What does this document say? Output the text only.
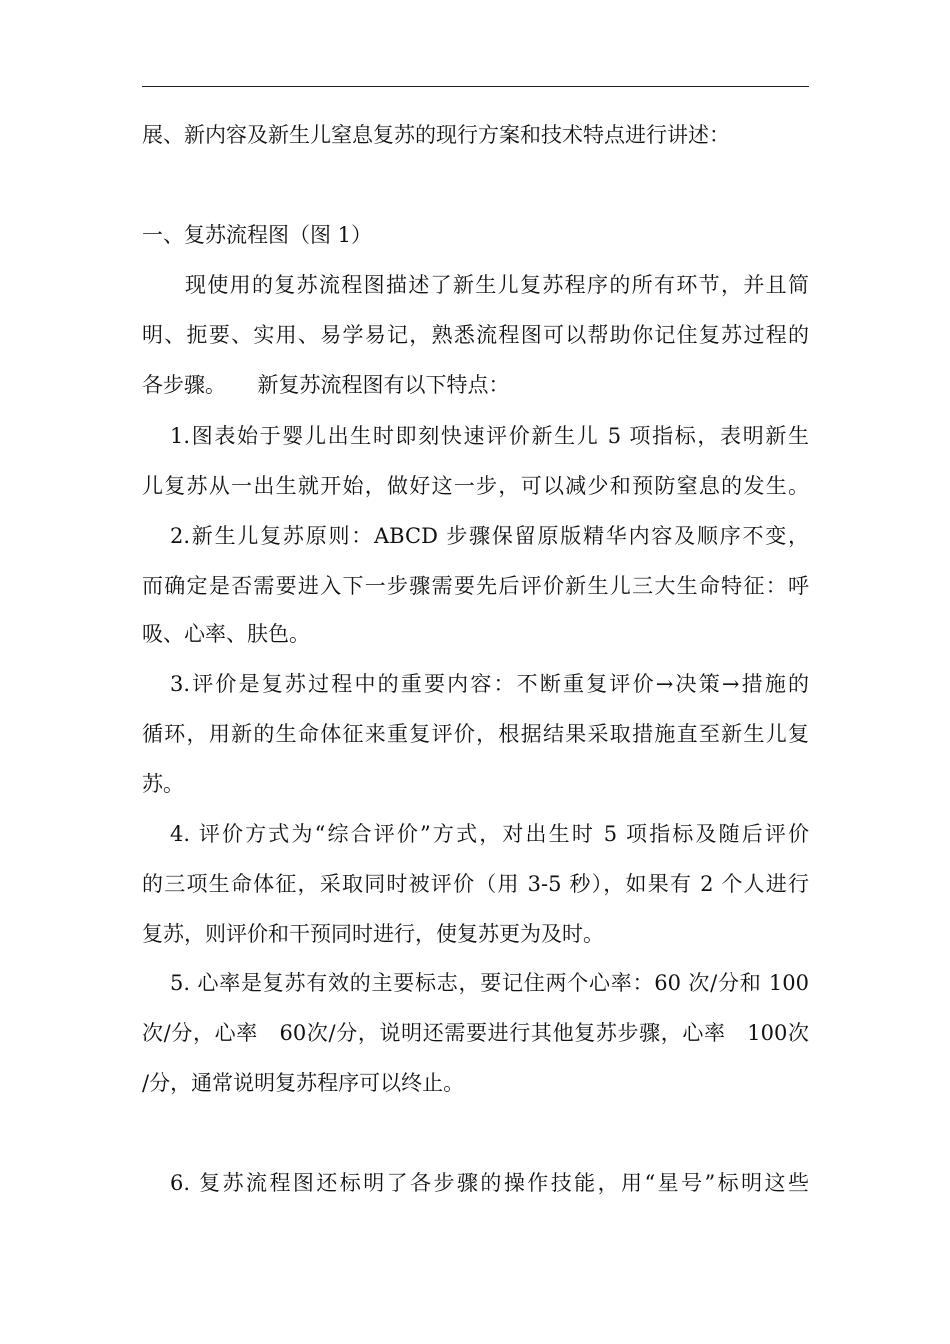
展、新内容及新生儿窒息复苏的现行方案和技术特点进行讲述：
一、复苏流程图（图 1）
现使用的复苏流程图描述了新生儿复苏程序的所有环节，并且简
明、扼要、实用、易学易记，熟悉流程图可以帮助你记住复苏过程的
各步骤。　　新复苏流程图有以下特点：
1.图表始于婴儿出生时即刻快速评价新生儿 5 项指标，表明新生
儿复苏从一出生就开始，做好这一步，可以减少和预防窒息的发生。
2.新生儿复苏原则：ABCD 步骤保留原版精华内容及顺序不变，
而确定是否需要进入下一步骤需要先后评价新生儿三大生命特征：呼
吸、心率、肤色。
3.评价是复苏过程中的重要内容：不断重复评价→决策→措施的
循环，用新的生命体征来重复评价，根据结果采取措施直至新生儿复
苏。
4. 评价方式为“综合评价”方式，对出生时 5 项指标及随后评价
的三项生命体征，采取同时被评价（用 3-5 秒），如果有 2 个人进行
复苏，则评价和干预同时进行，使复苏更为及时。
5. 心率是复苏有效的主要标志，要记住两个心率：60 次/分和 100
次/分，心率　60次/分，说明还需要进行其他复苏步骤，心率　100次
/分，通常说明复苏程序可以终止。
6. 复苏流程图还标明了各步骤的操作技能，用“星号”标明这些
